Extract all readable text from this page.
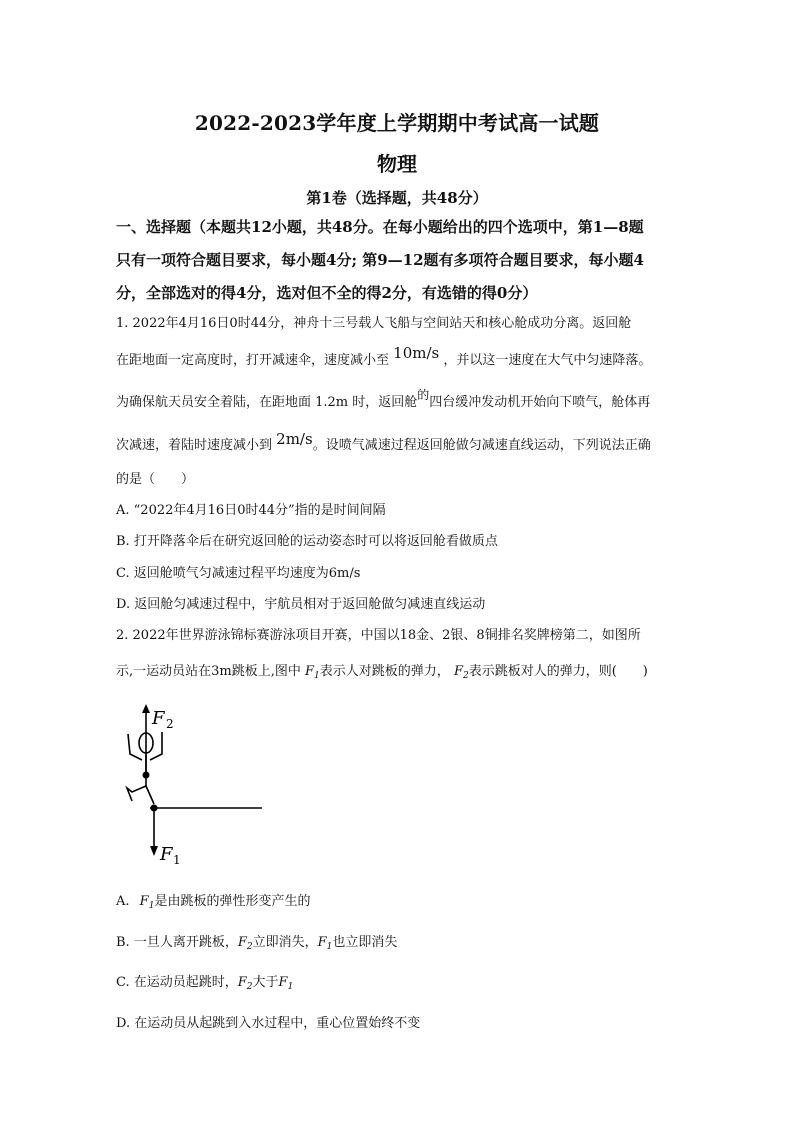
2022-2023学年度上学期期中考试高一试题
物理
第1卷（选择题，共48分）
一、选择题（本题共12小题，共48分。在每小题给出的四个选项中，第1—8题
只有一项符合题目要求，每小题4分; 第9—12题有多项符合题目要求，每小题4
分，全部选对的得4分，选对但不全的得2分，有选错的得0分）
1. 2022年4月16日0时44分，神舟十三号载人飞船与空间站天和核心舱成功分离。返回舱
在距地面一定高度时，打开减速伞，速度减小至 10m/s ，并以这一速度在大气中匀速降落。
为确保航天员安全着陆，在距地面 1.2m 时，返回舱的四台缓冲发动机开始向下喷气，舱体再
次减速，着陆时速度减小到 2m/s。设喷气减速过程返回舱做匀减速直线运动，下列说法正确
的是（　　）
A. “2022年4月16日0时44分”指的是时间间隔
B. 打开降落伞后在研究返回舱的运动姿态时可以将返回舱看做质点
C. 返回舱喷气匀减速过程平均速度为6m/s
D. 返回舱匀减速过程中，宇航员相对于返回舱做匀减速直线运动
2. 2022年世界游泳锦标赛游泳项目开赛，中国以18金、2银、8铜排名奖牌榜第二，如图所
示,一运动员站在3m跳板上,图中 $F_1$表示人对跳板的弹力， $F_2$表示跳板对人的弹力，则(　　)
F 2
F 1
A. $F_1$是由跳板的弹性形变产生的
B. 一旦人离开跳板，$F_2$立即消失，$F_1$也立即消失
C. 在运动员起跳时，$F_2$大于$F_1$
D. 在运动员从起跳到入水过程中，重心位置始终不变
